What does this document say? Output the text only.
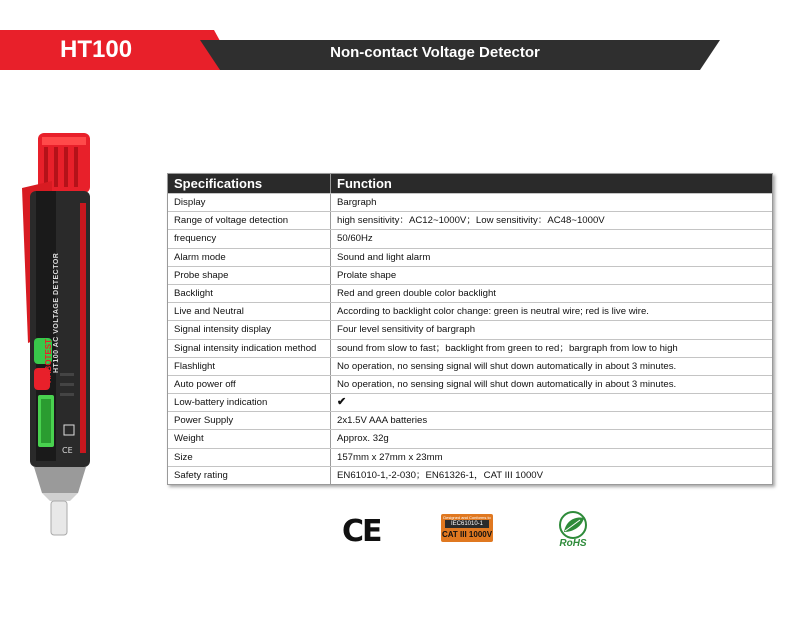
HT100	Non-contact Voltage Detector
CE
HABOTEST HT100 AC VOLTAGE DETECTOR
Specifications	Function
Display	Bargraph
Range of voltage detection	high sensitivity：AC12~1000V；Low sensitivity：AC48~1000V
frequency	50/60Hz
Alarm mode	Sound and light alarm
Probe shape	Prolate shape
Backlight	Red and green double color backlight
Live and Neutral	According to backlight color change: green is neutral wire; red is live wire.
Signal intensity display	Four level sensitivity of bargraph
Signal intensity indication method	sound from slow to fast；backlight from green to red；bargraph from low to high
Flashlight	No operation, no sensing signal will shut down automatically in about 3 minutes.
Auto power off	No operation, no sensing signal will shut down automatically in about 3 minutes.
Low-battery indication	✔
Power Supply	2x1.5V AAA batteries
Weight	Approx. 32g
Size	157mm x 27mm x 23mm
Safety rating	EN61010-1,-2-030；EN61326-1，CAT III 1000V
CE	Designed and Conforms to
IEC61010-1
CAT III 1000V
RoHS
